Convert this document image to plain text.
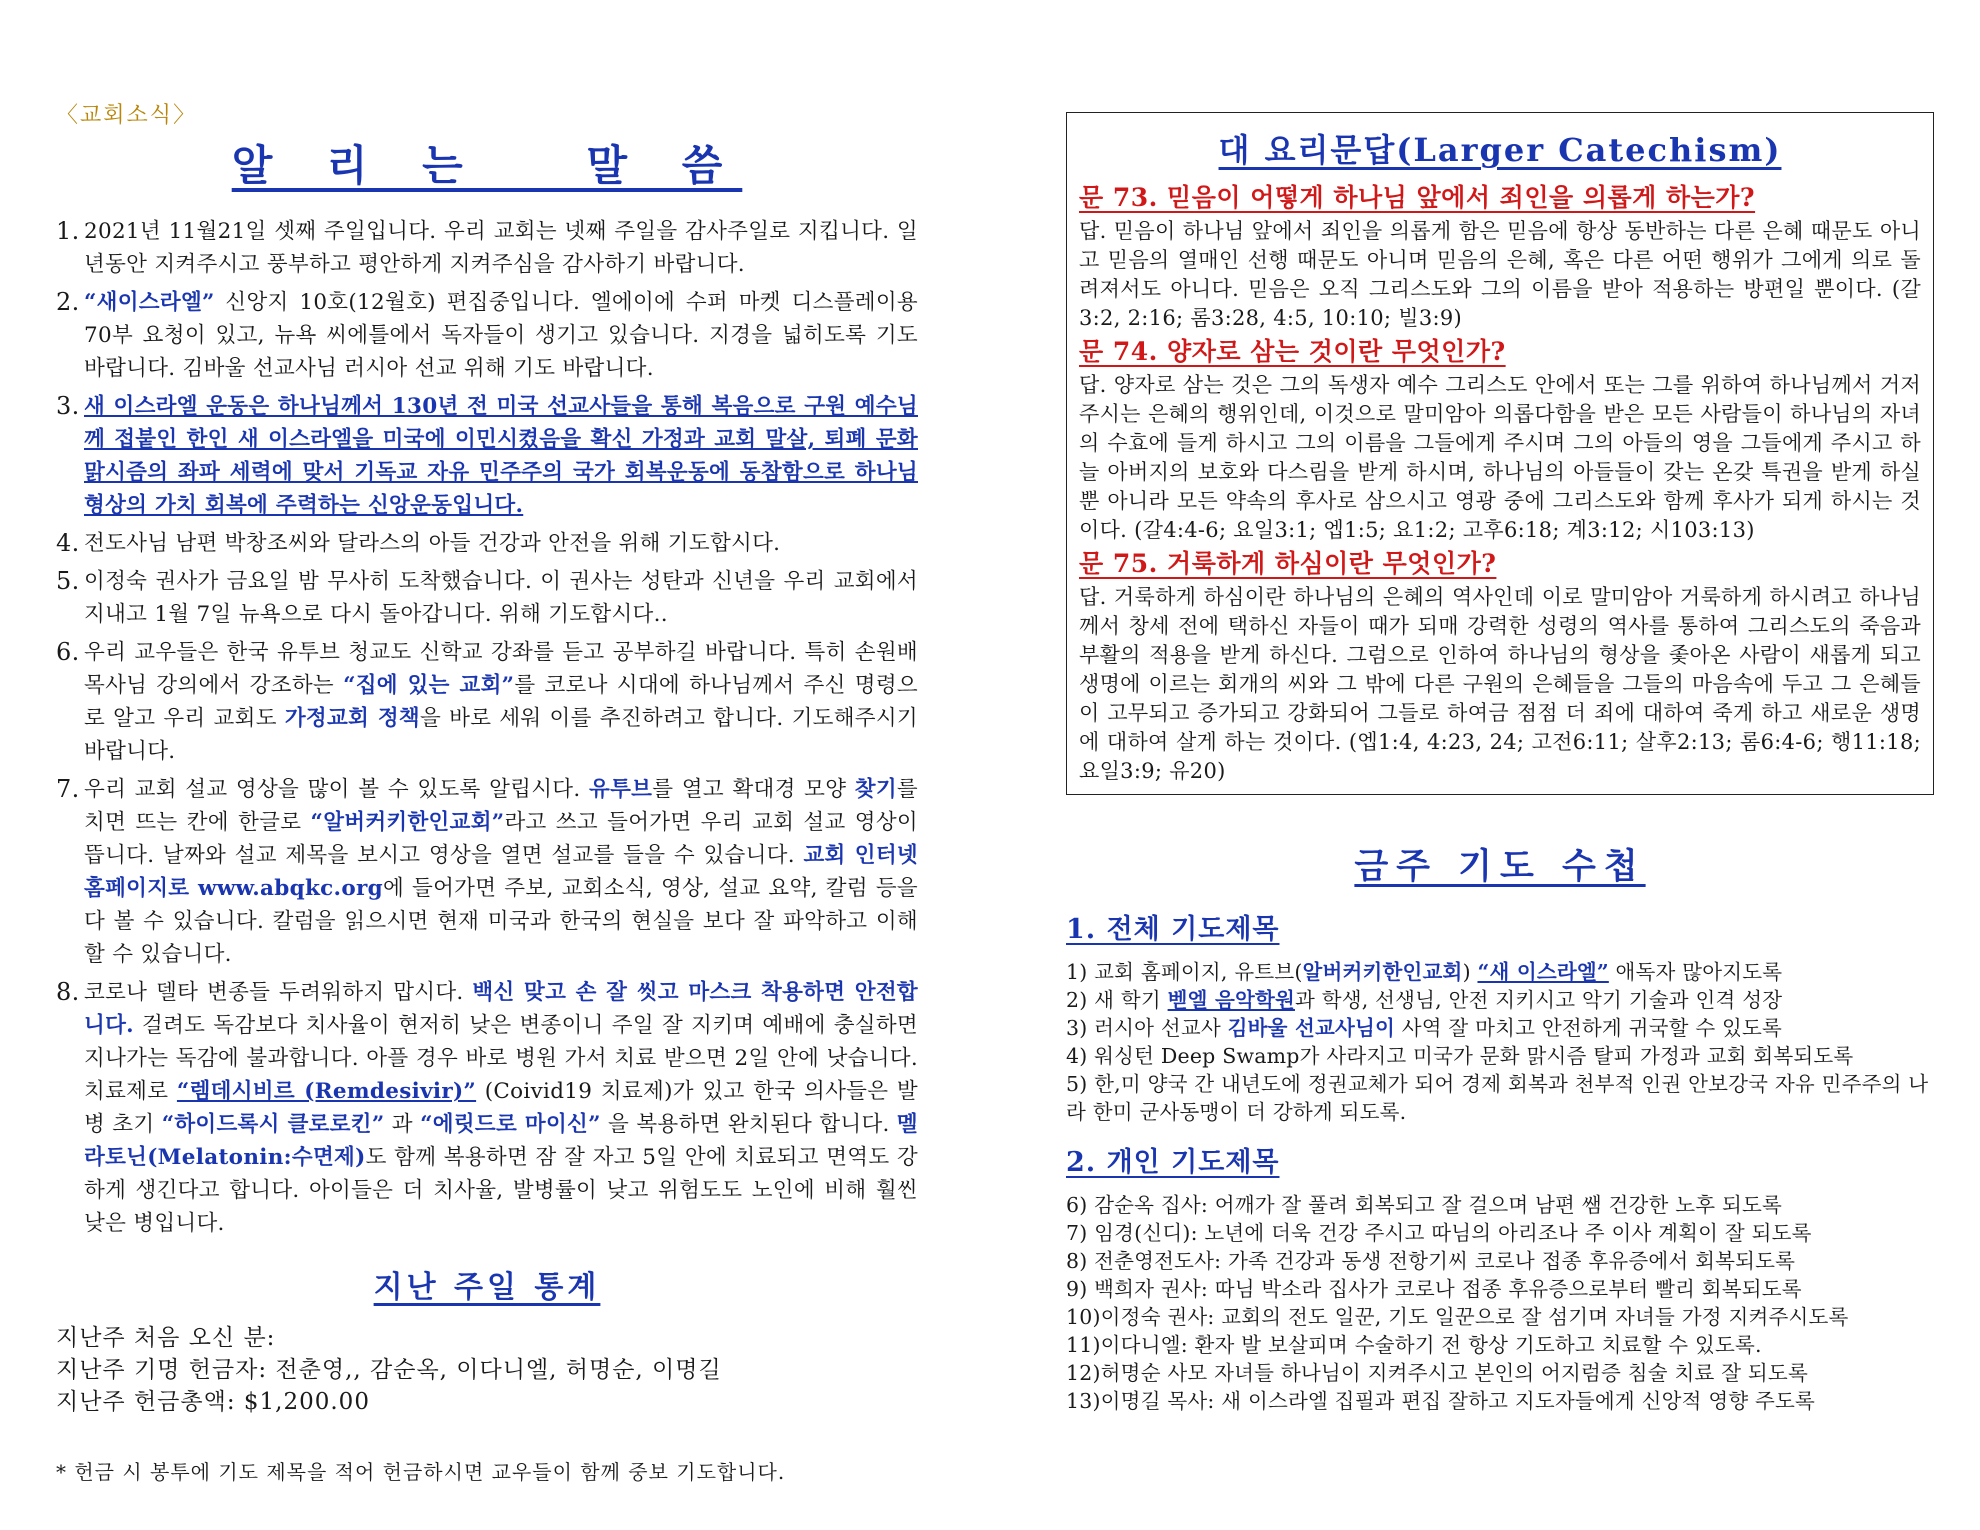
〈교회소식〉
알 리 는   말 씀
1. 2021년 11월21일 셋째 주일입니다. 우리 교회는 넷째 주일을 감사주일로 지킵니다. 일년동안 지켜주시고 풍부하고 평안하게 지켜주심을 감사하기 바랍니다.
2. “새이스라엘” 신앙지 10호(12월호) 편집중입니다. 엘에이에 수퍼 마켓 디스플레이용 70부 요청이 있고, 뉴욕 씨에틀에서 독자들이 생기고 있습니다. 지경을 넓히도록 기도 바랍니다. 김바울 선교사님 러시아 선교 위해 기도 바랍니다.
3. 새 이스라엘 운동은 하나님께서 130년 전 미국 선교사들을 통해 복음으로 구원 예수님께 접붙인 한인 새 이스라엘을 미국에 이민시켰음을 확신 가정과 교회 말살, 퇴폐 문화 맑시즘의 좌파 세력에 맞서 기독교 자유 민주주의 국가 회복운동에 동참함으로 하나님 형상의 가치 회복에 주력하는 신앙운동입니다.
4. 전도사님 남편 박창조씨와 달라스의 아들 건강과 안전을 위해 기도합시다.
5. 이정숙 권사가 금요일 밤 무사히 도착했습니다. 이 권사는 성탄과 신년을 우리 교회에서 지내고 1월 7일 뉴욕으로 다시 돌아갑니다. 위해 기도합시다..
6. 우리 교우들은 한국 유투브 청교도 신학교 강좌를 듣고 공부하길 바랍니다. 특히 손원배 목사님 강의에서 강조하는 “집에 있는 교회”를 코로나 시대에 하나님께서 주신 명령으로 알고 우리 교회도 가정교회 정책을 바로 세워 이를 추진하려고 합니다. 기도해주시기 바랍니다.
7. 우리 교회 설교 영상을 많이 볼 수 있도록 알립시다. 유투브를 열고 확대경 모양 찾기를 치면 뜨는 칸에 한글로 “알버커키한인교회”라고 쓰고 들어가면 우리 교회 설교 영상이 뜹니다. 날짜와 설교 제목을 보시고 영상을 열면 설교를 들을 수 있습니다. 교회 인터넷 홈페이지로 www.abqkc.org에 들어가면 주보, 교회소식, 영상, 설교 요약, 칼럼 등을 다 볼 수 있습니다. 칼럼을 읽으시면 현재 미국과 한국의 현실을 보다 잘 파악하고 이해할 수 있습니다.
8. 코로나 델타 변종들 두려워하지 맙시다. 백신 맞고 손 잘 씻고 마스크 착용하면 안전합니다. 걸려도 독감보다 치사율이 현저히 낮은 변종이니 주일 잘 지키며 예배에 충실하면 지나가는 독감에 불과합니다. 아플 경우 바로 병원 가서 치료 받으면 2일 안에 낫습니다. 치료제로 “렘데시비르 (Remdesivir)” (Coivid19 치료제)가 있고 한국 의사들은 발병 초기 “하이드록시 클로로킨” 과 “에릿드로 마이신” 을 복용하면 완치된다 합니다. 멜라토닌(Melatonin:수면제)도 함께 복용하면 잠 잘 자고 5일 안에 치료되고 면역도 강하게 생긴다고 합니다. 아이들은 더 치사율, 발병률이 낮고 위험도도 노인에 비해 훨씬 낮은 병입니다.
지난 주일 통계
지난주 처음 오신 분:
지난주 기명 헌금자: 전춘영,, 감순옥, 이다니엘, 허명순, 이명길
지난주 헌금총액: $1,200.00
* 헌금 시 봉투에 기도 제목을 적어 헌금하시면 교우들이 함께 중보 기도합니다.
대 요리문답(Larger Catechism)
문 73. 믿음이 어떻게 하나님 앞에서 죄인을 의롭게 하는가?
답. 믿음이 하나님 앞에서 죄인을 의롭게 함은 믿음에 항상 동반하는 다른 은혜 때문도 아니고 믿음의 열매인 선행 때문도 아니며 믿음의 은혜, 혹은 다른 어떤 행위가 그에게 의로 돌려져서도 아니다. 믿음은 오직 그리스도와 그의 이름을 받아 적용하는 방편일 뿐이다. (갈3:2, 2:16; 롬3:28, 4:5, 10:10; 빌3:9)
문 74. 양자로 삼는 것이란 무엇인가?
답. 양자로 삼는 것은 그의 독생자 예수 그리스도 안에서 또는 그를 위하여 하나님께서 거저 주시는 은혜의 행위인데, 이것으로 말미암아 의롭다함을 받은 모든 사람들이 하나님의 자녀의 수효에 들게 하시고 그의 이름을 그들에게 주시며 그의 아들의 영을 그들에게 주시고 하늘 아버지의 보호와 다스림을 받게 하시며, 하나님의 아들들이 갖는 온갖 특권을 받게 하실 뿐 아니라 모든 약속의 후사로 삼으시고 영광 중에 그리스도와 함께 후사가 되게 하시는 것이다. (갈4:4-6; 요일3:1; 엡1:5; 요1:2; 고후6:18; 계3:12; 시103:13)
문 75. 거룩하게 하심이란 무엇인가?
답. 거룩하게 하심이란 하나님의 은혜의 역사인데 이로 말미암아 거룩하게 하시려고 하나님께서 창세 전에 택하신 자들이 때가 되매 강력한 성령의 역사를 통하여 그리스도의 죽음과 부활의 적용을 받게 하신다. 그럼으로 인하여 하나님의 형상을 좇아온 사람이 새롭게 되고 생명에 이르는 회개의 씨와 그 밖에 다른 구원의 은혜들을 그들의 마음속에 두고 그 은혜들이 고무되고 증가되고 강화되어 그들로 하여금 점점 더 죄에 대하여 죽게 하고 새로운 생명에 대하여 살게 하는 것이다. (엡1:4, 4:23, 24; 고전6:11; 살후2:13; 롬6:4-6; 행11:18; 요일3:9; 유20)
금주 기도 수첩
1. 전체 기도제목
1) 교회 홈페이지, 유트브(알버커키한인교회) “새 이스라엘” 애독자 많아지도록
2) 새 학기 벧엘 음악학원과 학생, 선생님, 안전 지키시고 악기 기술과 인격 성장
3) 러시아 선교사 김바울 선교사님이 사역 잘 마치고 안전하게 귀국할 수 있도록
4) 워싱턴 Deep Swamp가 사라지고 미국가 문화 맑시즘 탈피 가정과 교회 회복되도록
5) 한,미 양국 간 내년도에 정권교체가 되어 경제 회복과 천부적 인권 안보강국 자유 민주주의 나라 한미 군사동맹이 더 강하게 되도록.
2. 개인 기도제목
6) 감순옥 집사: 어깨가 잘 풀려 회복되고 잘 걸으며 남편 쌤 건강한 노후 되도록
7) 임경(신디): 노년에 더욱 건강 주시고 따님의 아리조나 주 이사 계획이 잘 되도록
8) 전춘영전도사: 가족 건강과 동생 전항기씨 코로나 접종 후유증에서 회복되도록
9) 백희자 권사: 따님 박소라 집사가 코로나 접종 후유증으로부터 빨리 회복되도록
10)이정숙 권사: 교회의 전도 일꾼, 기도 일꾼으로 잘 섬기며 자녀들 가정 지켜주시도록
11)이다니엘: 환자 발 보살피며 수술하기 전 항상 기도하고 치료할 수 있도록.
12)허명순 사모 자녀들 하나님이 지켜주시고 본인의 어지럼증 침술 치료 잘 되도록
13)이명길 목사: 새 이스라엘 집필과 편집 잘하고 지도자들에게 신앙적 영향 주도록
